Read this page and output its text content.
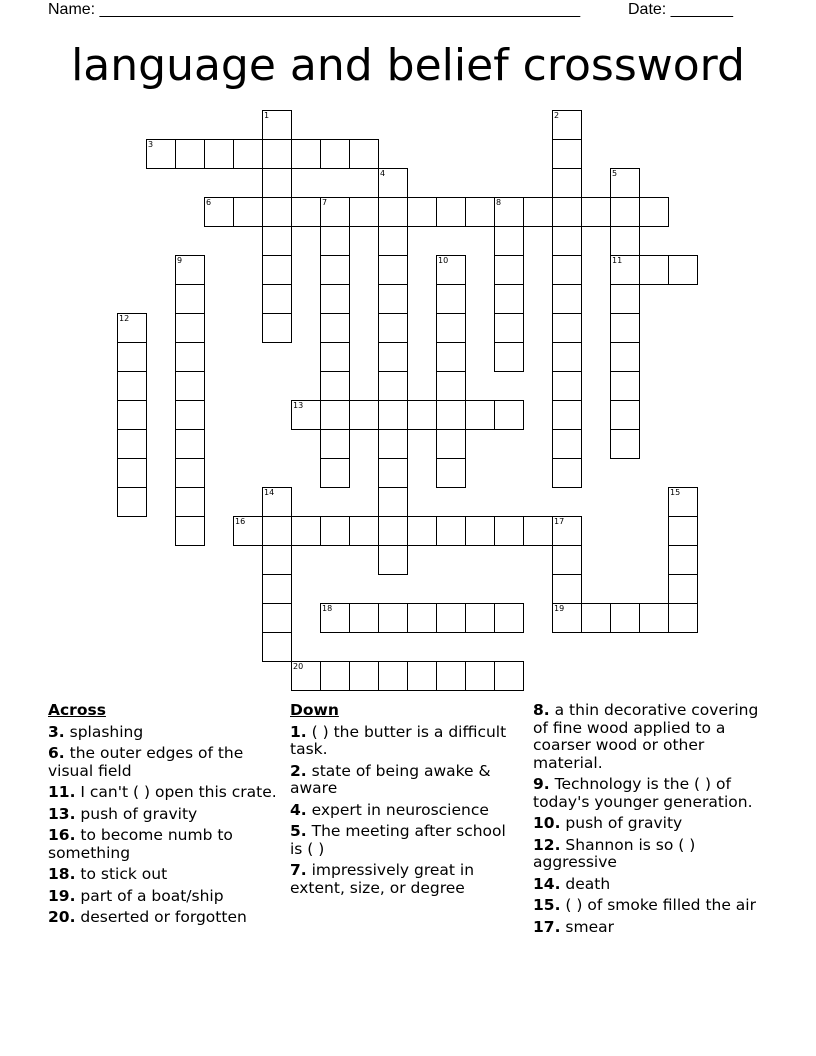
Name: ______________________________________________________	Date: _______
language and belief crossword
1	2
3
4	5
11
6	7	8
9	10
12
13
14	15
16	17
19
18
20
Across
3. splashing
6. the outer edges of the visual field
11. I can't ( ) open this crate.
13. push of gravity
16. to become numb to something
18. to stick out
19. part of a boat/ship
20. deserted or forgotten
Down
1. ( ) the butter is a difficult task.
2. state of being awake & aware
4. expert in neuroscience
5. The meeting after school is ( )
7. impressively great in extent, size, or degree
8. a thin decorative covering of fine wood applied to a coarser wood or other material.
9. Technology is the ( ) of today's younger generation.
10. push of gravity
12. Shannon is so ( ) aggressive
14. death
15. ( ) of smoke filled the air
17. smear
